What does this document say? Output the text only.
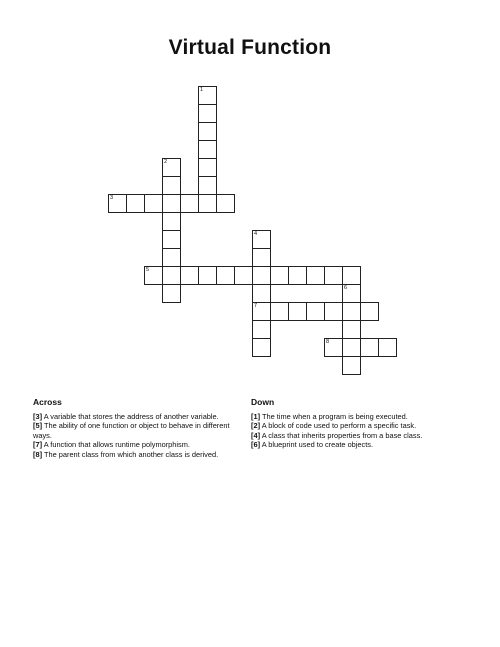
Virtual Function
1
2
3
4
7
5
6
8
Across

[3] A variable that stores the address of another variable.

[5] The ability of one function or object to behave in different ways.

[7] A function that allows runtime polymorphism.

[8] The parent class from which another class is derived.

Down

[1] The time when a program is being executed.

[2] A block of code used to perform a specific task.

[4] A class that inherits properties from a base class.

[6] A blueprint used to create objects.
